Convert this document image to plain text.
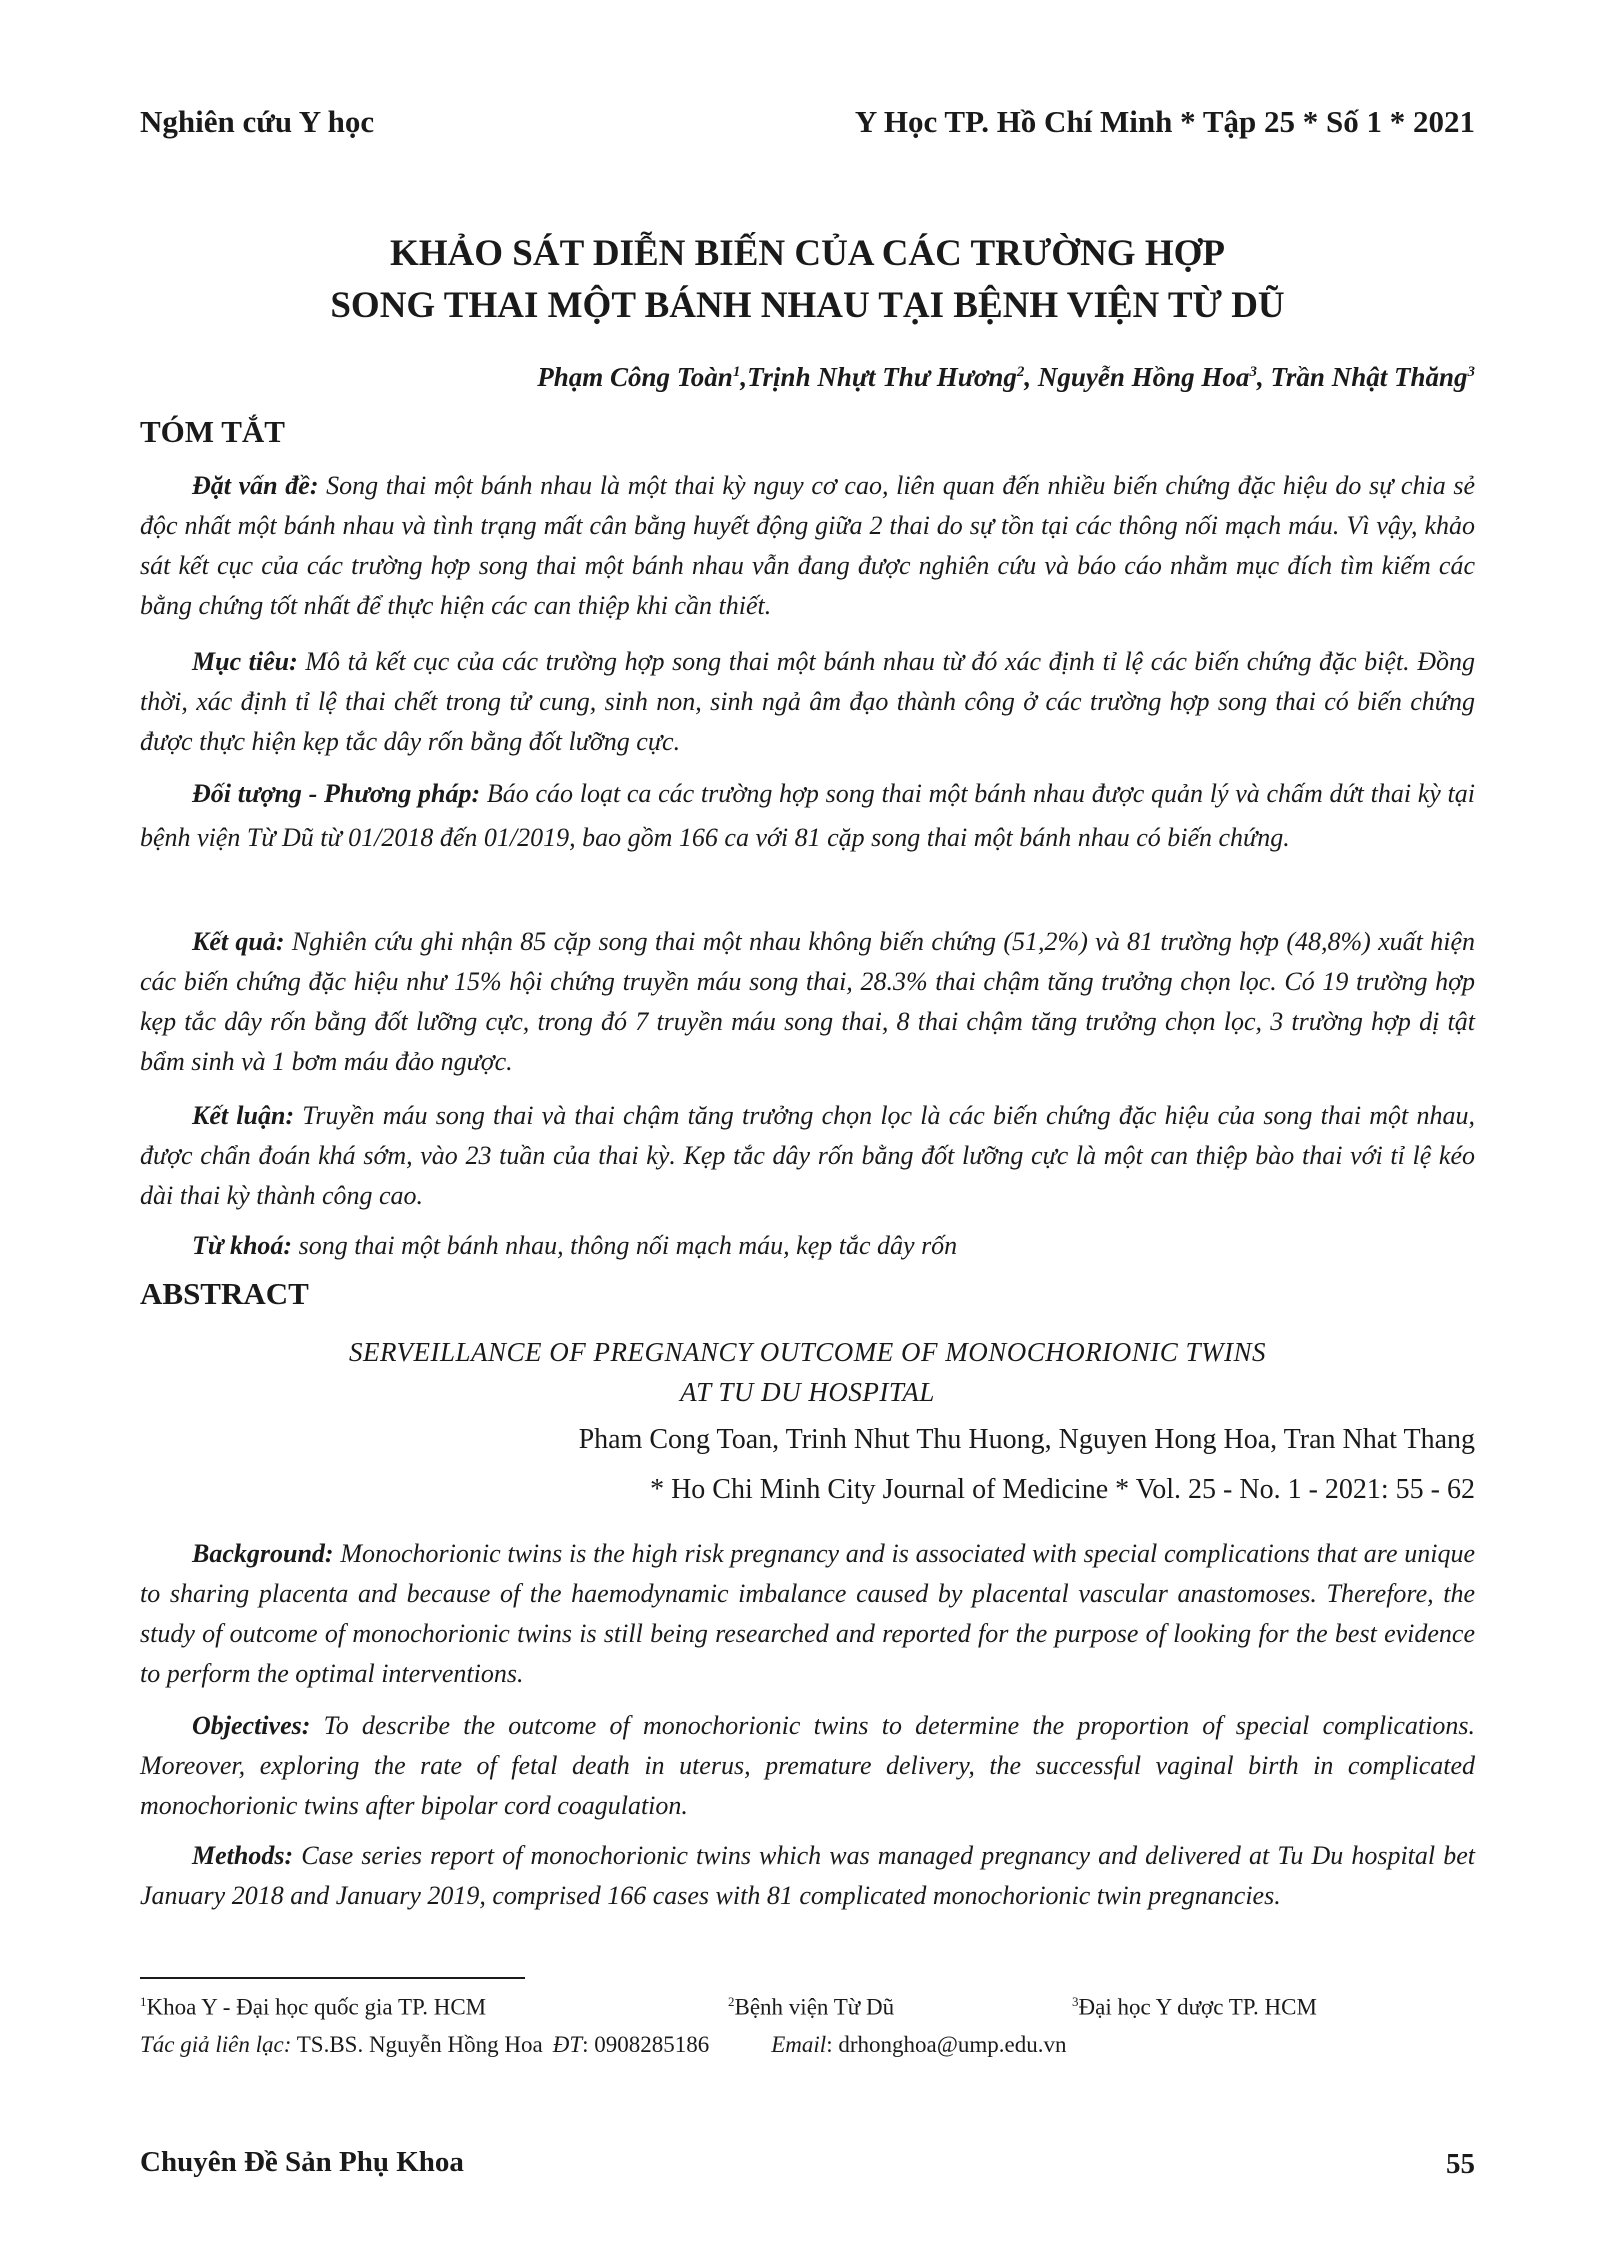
Nghiên cứu Y học	Y Học TP. Hồ Chí Minh * Tập 25 * Số 1 * 2021
KHẢO SÁT DIỄN BIẾN CỦA CÁC TRƯỜNG HỢP
SONG THAI MỘT BÁNH NHAU TẠI BỆNH VIỆN TỪ DŨ
Phạm Công Toàn$^1$,Trịnh Nhựt Thư Hương$^2$, Nguyễn Hồng Hoa$^3$, Trần Nhật Thăng$^3$
TÓM TẮT

Đặt vấn đề: Song thai một bánh nhau là một thai kỳ nguy cơ cao, liên quan đến nhiều biến chứng đặc hiệu do sự chia sẻ độc nhất một bánh nhau và tình trạng mất cân bằng huyết động giữa 2 thai do sự tồn tại các thông nối mạch máu. Vì vậy, khảo sát kết cục của các trường hợp song thai một bánh nhau vẫn đang được nghiên cứu và báo cáo nhằm mục đích tìm kiếm các bằng chứng tốt nhất để thực hiện các can thiệp khi cần thiết.

Mục tiêu: Mô tả kết cục của các trường hợp song thai một bánh nhau từ đó xác định tỉ lệ các biến chứng đặc biệt. Đồng thời, xác định tỉ lệ thai chết trong tử cung, sinh non, sinh ngả âm đạo thành công ở các trường hợp song thai có biến chứng được thực hiện kẹp tắc dây rốn bằng đốt lưỡng cực.

Đối tượng - Phương pháp: Báo cáo loạt ca các trường hợp song thai một bánh nhau được quản lý và chấm dứt thai kỳ tại bệnh viện Từ Dũ từ 01/2018 đến 01/2019, bao gồm 166 ca với 81 cặp song thai một bánh nhau có biến chứng.

Kết quả: Nghiên cứu ghi nhận 85 cặp song thai một nhau không biến chứng (51,2%) và 81 trường hợp (48,8%) xuất hiện các biến chứng đặc hiệu như 15% hội chứng truyền máu song thai, 28.3% thai chậm tăng trưởng chọn lọc. Có 19 trường hợp kẹp tắc dây rốn bằng đốt lưỡng cực, trong đó 7 truyền máu song thai, 8 thai chậm tăng trưởng chọn lọc, 3 trường hợp dị tật bẩm sinh và 1 bơm máu đảo ngược.

Kết luận: Truyền máu song thai và thai chậm tăng trưởng chọn lọc là các biến chứng đặc hiệu của song thai một nhau, được chẩn đoán khá sớm, vào 23 tuần của thai kỳ. Kẹp tắc dây rốn bằng đốt lưỡng cực là một can thiệp bào thai với tỉ lệ kéo dài thai kỳ thành công cao.

Từ khoá: song thai một bánh nhau, thông nối mạch máu, kẹp tắc dây rốn

ABSTRACT
SERVEILLANCE OF PREGNANCY OUTCOME OF MONOCHORIONIC TWINS
AT TU DU HOSPITAL
Pham Cong Toan, Trinh Nhut Thu Huong, Nguyen Hong Hoa, Tran Nhat Thang
* Ho Chi Minh City Journal of Medicine * Vol. 25 - No. 1 - 2021: 55 - 62

Background: Monochorionic twins is the high risk pregnancy and is associated with special complications that are unique to sharing placenta and because of the haemodynamic imbalance caused by placental vascular anastomoses. Therefore, the study of outcome of monochorionic twins is still being researched and reported for the purpose of looking for the best evidence to perform the optimal interventions.

Objectives: To describe the outcome of monochorionic twins to determine the proportion of special complications. Moreover, exploring the rate of fetal death in uterus, premature delivery, the successful vaginal birth in complicated monochorionic twins after bipolar cord coagulation.

Methods: Case series report of monochorionic twins which was managed pregnancy and delivered at Tu Du hospital bet January 2018 and January 2019, comprised 166 cases with 81 complicated monochorionic twin pregnancies.

$^1$Khoa Y - Đại học quốc gia TP. HCM	$^2$Bệnh viện Từ Dũ	$^3$Đại học Y dược TP. HCM
Tác giả liên lạc: TS.BS. Nguyễn Hồng Hoa ĐT: 0908285186	Email: drhonghoa@ump.edu.vn
Chuyên Đề Sản Phụ Khoa	55
